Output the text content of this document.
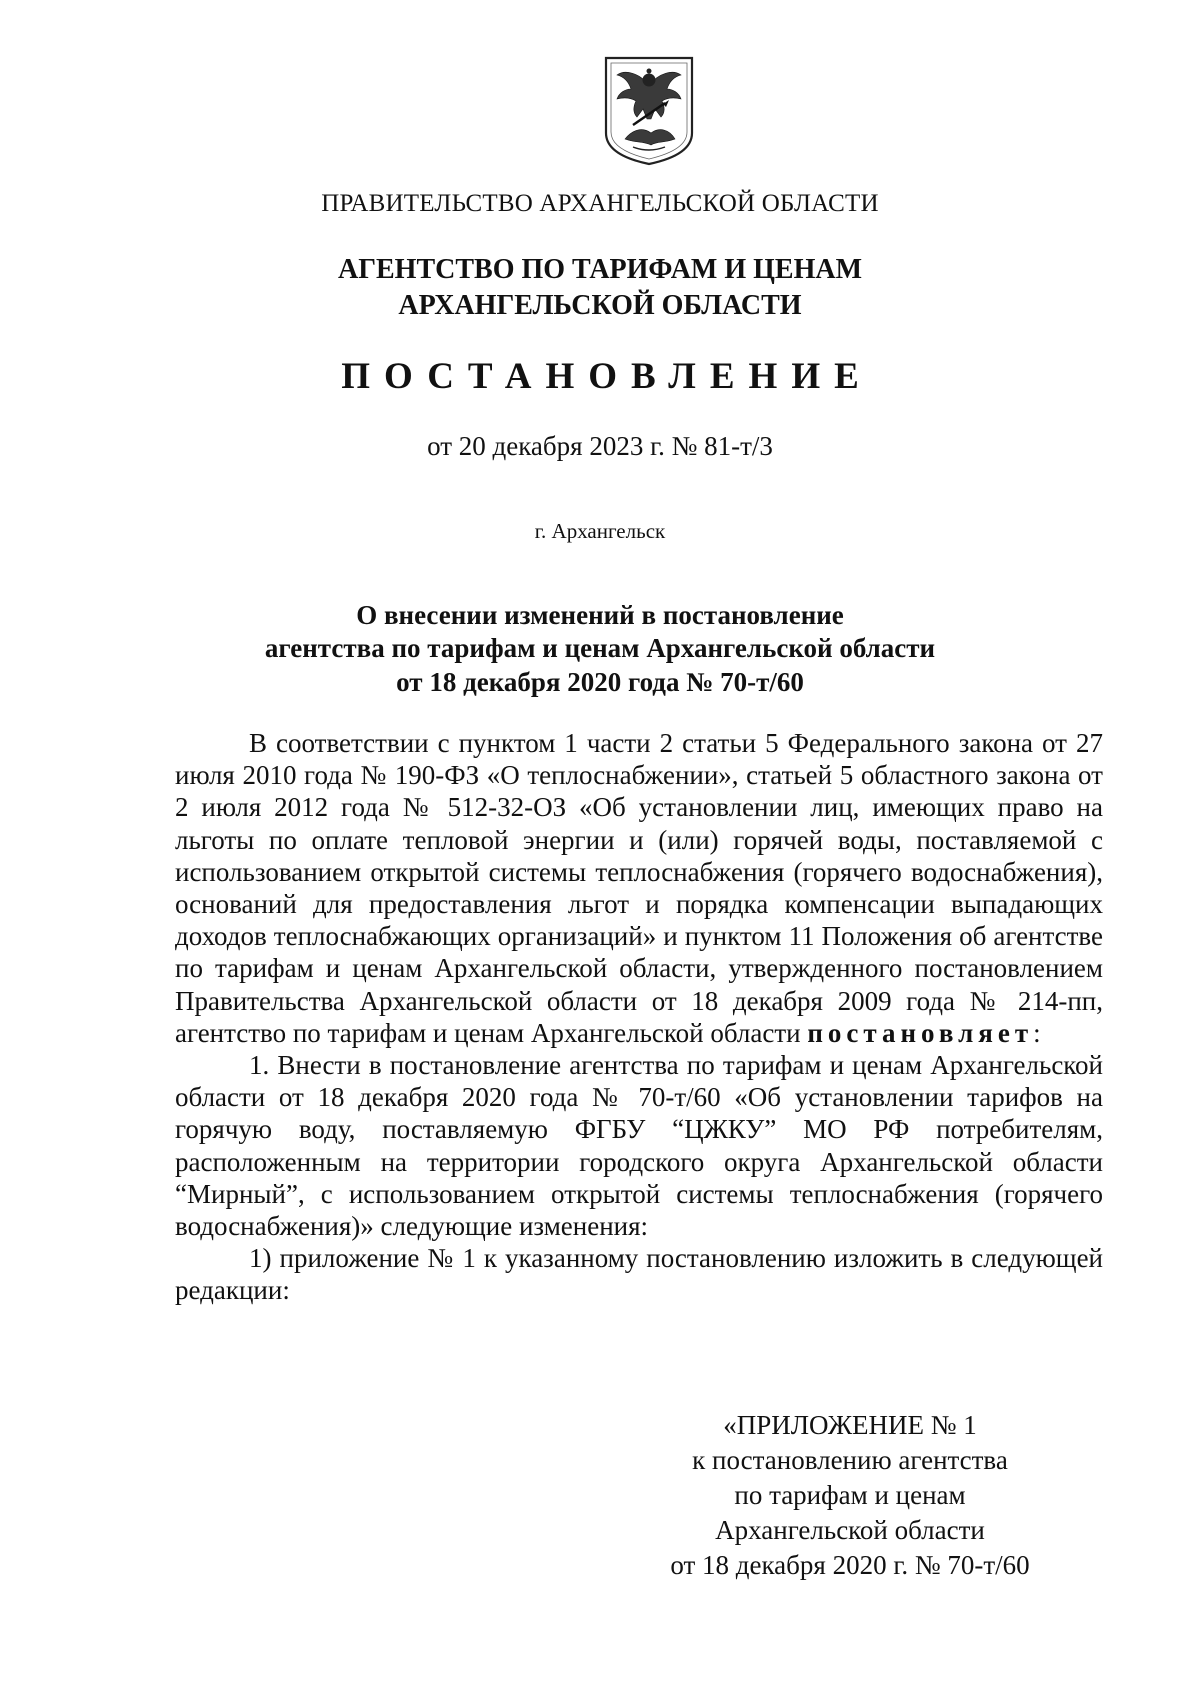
ПРАВИТЕЛЬСТВО АРХАНГЕЛЬСКОЙ ОБЛАСТИ

АГЕНТСТВО ПО ТАРИФАМ И ЦЕНАМ
АРХАНГЕЛЬСКОЙ ОБЛАСТИ

ПОСТАНОВЛЕНИЕ

от 20 декабря 2023 г. № 81-т/3

г. Архангельск

О внесении изменений в постановление
агентства по тарифам и ценам Архангельской области
от 18 декабря 2020 года № 70-т/60

В соответствии с пунктом 1 части 2 статьи 5 Федерального закона от 27 июля 2010 года № 190-ФЗ «О теплоснабжении», статьей 5 областного закона от 2 июля 2012 года № 512-32-ОЗ «Об установлении лиц, имеющих право на льготы по оплате тепловой энергии и (или) горячей воды, поставляемой с использованием открытой системы теплоснабжения (горячего водоснабжения), оснований для предоставления льгот и порядка компенсации выпадающих доходов теплоснабжающих организаций» и пунктом 11 Положения об агентстве по тарифам и ценам Архангельской области, утвержденного постановлением Правительства Архангельской области от 18 декабря 2009 года № 214-пп, агентство по тарифам и ценам Архангельской области постановляет:

1. Внести в постановление агентства по тарифам и ценам Архангельской области от 18 декабря 2020 года № 70-т/60 «Об установлении тарифов на горячую воду, поставляемую ФГБУ “ЦЖКУ” МО РФ потребителям, расположенным на территории городского округа Архангельской области “Мирный”, с использованием открытой системы теплоснабжения (горячего водоснабжения)» следующие изменения:

1) приложение № 1 к указанному постановлению изложить в следующей редакции:

«ПРИЛОЖЕНИЕ № 1
к постановлению агентства
по тарифам и ценам
Архангельской области
от 18 декабря 2020 г. № 70-т/60
